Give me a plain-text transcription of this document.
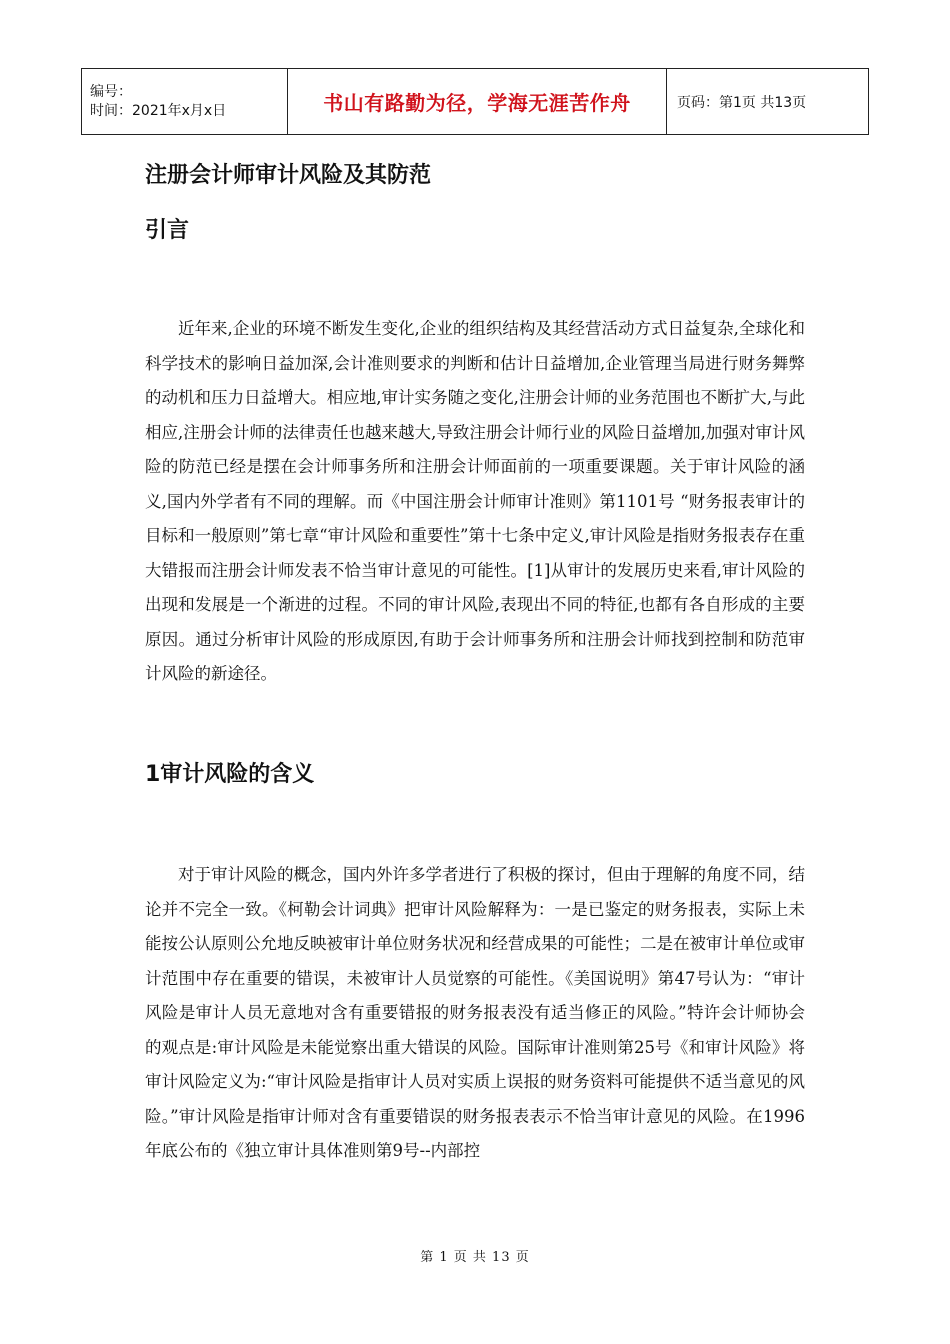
编号：
时间：2021年x月x日	书山有路勤为径，学海无涯苦作舟	页码：第1页 共13页
注册会计师审计风险及其防范
引言

近年来,企业的环境不断发生变化,企业的组织结构及其经营活动方式日益复杂,全球化和科学技术的影响日益加深,会计准则要求的判断和估计日益增加,企业管理当局进行财务舞弊的动机和压力日益增大。相应地,审计实务随之变化,注册会计师的业务范围也不断扩大,与此相应,注册会计师的法律责任也越来越大,导致注册会计师行业的风险日益增加,加强对审计风险的防范已经是摆在会计师事务所和注册会计师面前的一项重要课题。关于审计风险的涵义,国内外学者有不同的理解。而《中国注册会计师审计准则》第1101号 “财务报表审计的目标和一般原则”第七章“审计风险和重要性”第十七条中定义,审计风险是指财务报表存在重大错报而注册会计师发表不恰当审计意见的可能性。[1]从审计的发展历史来看,审计风险的出现和发展是一个渐进的过程。不同的审计风险,表现出不同的特征,也都有各自形成的主要原因。通过分析审计风险的形成原因,有助于会计师事务所和注册会计师找到控制和防范审计风险的新途径。

1审计风险的含义

对于审计风险的概念，国内外许多学者进行了积极的探讨，但由于理解的角度不同，结论并不完全一致。《柯勒会计词典》把审计风险解释为：一是已鉴定的财务报表，实际上未能按公认原则公允地反映被审计单位财务状况和经营成果的可能性；二是在被审计单位或审计范围中存在重要的错误，未被审计人员觉察的可能性。《美国说明》第47号认为：“审计风险是审计人员无意地对含有重要错报的财务报表没有适当修正的风险。”特许会计师协会的观点是:审计风险是未能觉察出重大错误的风险。国际审计准则第25号《和审计风险》将审计风险定义为:“审计风险是指审计人员对实质上误报的财务资料可能提供不适当意见的风险。”审计风险是指审计师对含有重要错误的财务报表表示不恰当审计意见的风险。在1996年底公布的《独立审计具体准则第9号--内部控

第 1 页 共 13 页
